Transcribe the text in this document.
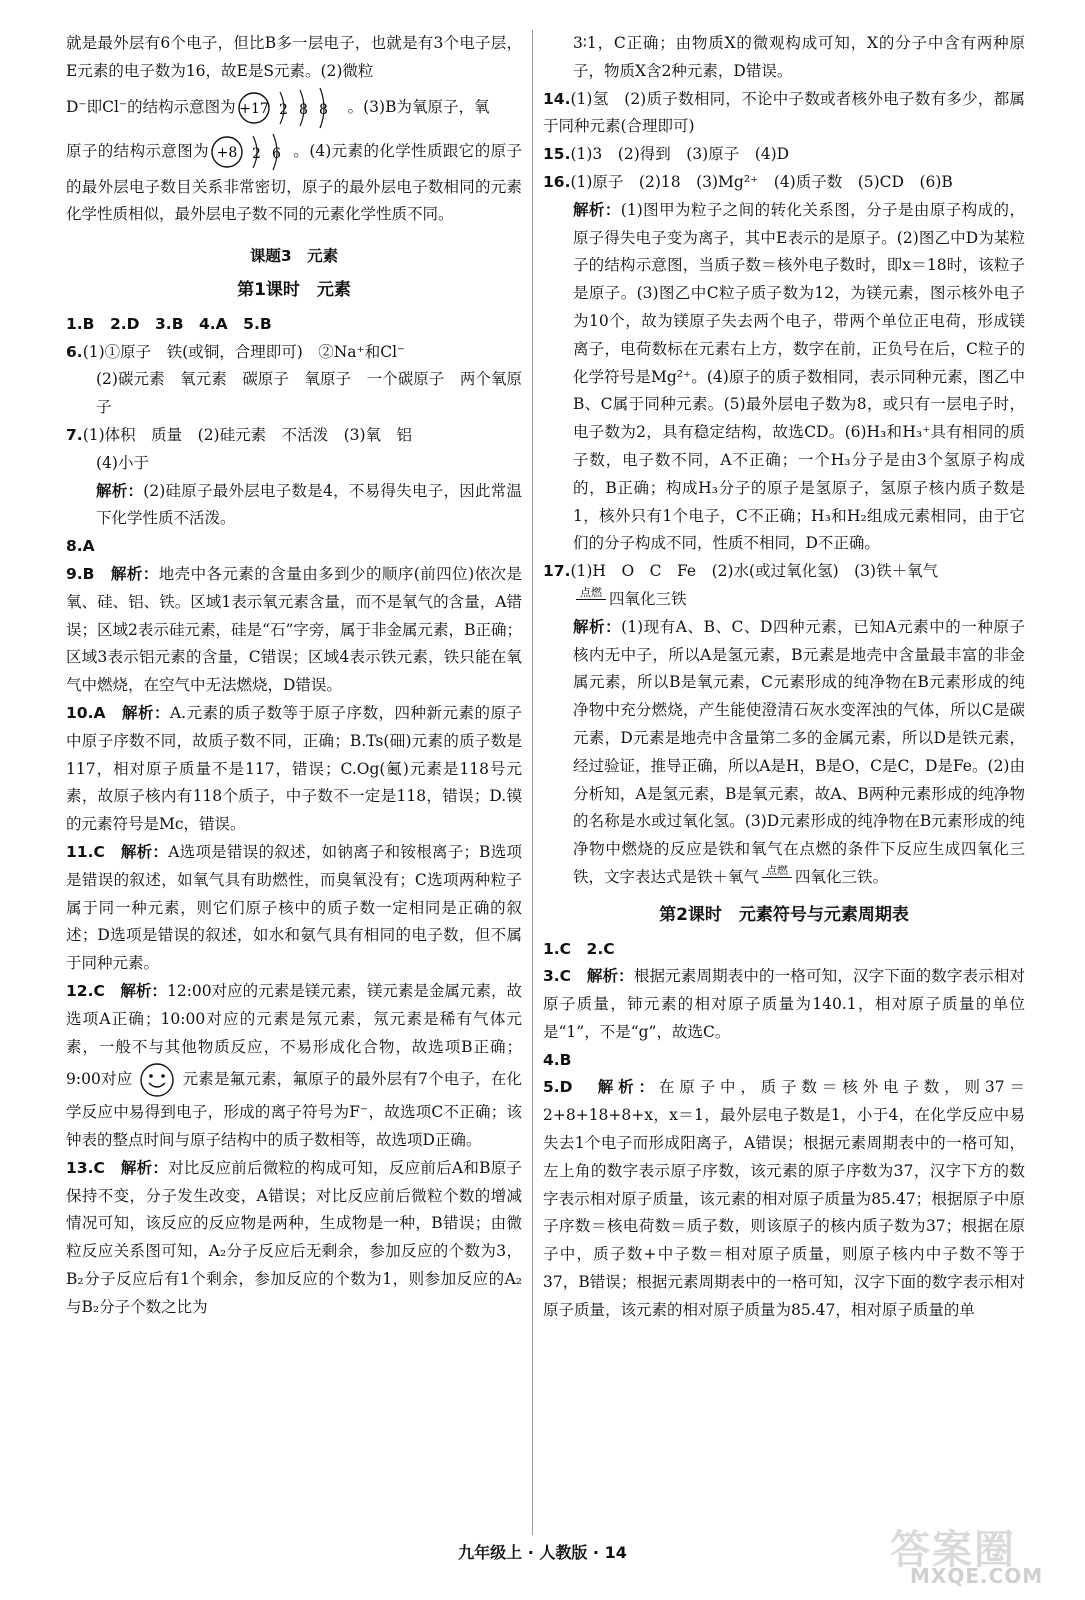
就是最外层有6个电子，但比B多一层电子，也就是有3个电子层，E元素的电子数为16，故E是S元素。(2)微粒

D⁻即Cl⁻的结构示意图为 +17 2 8 8 。(3)B为氧原子，氧

原子的结构示意图为 +8 2 6 。(4)元素的化学性质跟它的原子的最外层电子数目关系非常密切，原子的最外层电子数相同的元素化学性质相似，最外层电子数不同的元素化学性质不同。

课题3　元素
第1课时　元素

1.B　2.D　3.B　4.A　5.B

6.(1)①原子　铁(或铜，合理即可)　②Na⁺和Cl⁻

(2)碳元素　氧元素　碳原子　氧原子　一个碳原子　两个氧原子

7.(1)体积　质量　(2)硅元素　不活泼　(3)氧　铝

(4)小于

解析：(2)硅原子最外层电子数是4，不易得失电子，因此常温下化学性质不活泼。

8.A

9.B　 解析：地壳中各元素的含量由多到少的顺序(前四位)依次是氧、硅、铝、铁。区域1表示氧元素含量，而不是氧气的含量，A错误；区域2表示硅元素，硅是“石”字旁，属于非金属元素，B正确；区域3表示铝元素的含量，C错误；区域4表示铁元素，铁只能在氧气中燃烧，在空气中无法燃烧，D错误。

10.A　 解析：A.元素的质子数等于原子序数，四种新元素的原子中原子序数不同，故质子数不同，正确；B.Ts(鿬)元素的质子数是117，相对原子质量不是117，错误；C.Og(鿫)元素是118号元素，故原子核内有118个质子，中子数不一定是118，错误；D.镆的元素符号是Mc，错误。

11.C　 解析：A选项是错误的叙述，如钠离子和铵根离子；B选项是错误的叙述，如氧气具有助燃性，而臭氧没有；C选项两种粒子属于同一种元素，则它们原子核中的质子数一定相同是正确的叙述；D选项是错误的叙述，如水和氨气具有相同的电子数，但不属于同种元素。

12.C　 解析：12:00对应的元素是镁元素，镁元素是金属元素，故选项A正确；10:00对应的元素是氖元素，氖元素是稀有气体元素，一般不与其他物质反应，不易形成化合物，故选项B正确；9:00对应	元素是氟元素，氟原子的最外层有7个电子，在化学反应中易得到电子，形成的离子符号为F⁻，故选项C不正确；该钟表的整点时间与原子结构中的质子数相等，故选项D正确。

13.C　 解析：对比反应前后微粒的构成可知，反应前后A和B原子保持不变，分子发生改变，A错误；对比反应前后微粒个数的增减情况可知，该反应的反应物是两种，生成物是一种，B错误；由微粒反应关系图可知，A₂分子反应后无剩余，参加反应的个数为3，B₂分子反应后有1个剩余，参加反应的个数为1，则参加反应的A₂与B₂分子个数之比为

3∶1，C正确；由物质X的微观构成可知，X的分子中含有两种原子，物质X含2种元素，D错误。

14.(1)氢　(2)质子数相同，不论中子数或者核外电子数有多少，都属于同种元素(合理即可)

15.(1)3　(2)得到　(3)原子　(4)D

16.(1)原子　(2)18　(3)Mg²⁺　(4)质子数　(5)CD　(6)B

解析：(1)图甲为粒子之间的转化关系图，分子是由原子构成的，原子得失电子变为离子，其中E表示的是原子。(2)图乙中D为某粒子的结构示意图，当质子数＝核外电子数时，即x＝18时，该粒子是原子。(3)图乙中C粒子质子数为12，为镁元素，图示核外电子为10个，故为镁原子失去两个电子，带两个单位正电荷，形成镁离子，电荷数标在元素右上方，数字在前，正负号在后，C粒子的化学符号是Mg²⁺。(4)原子的质子数相同，表示同种元素，图乙中B、C属于同种元素。(5)最外层电子数为8，或只有一层电子时，电子数为2，具有稳定结构，故选CD。(6)H₃和H₃⁺具有相同的质子数，电子数不同，A不正确；一个H₃分子是由3个氢原子构成的，B正确；构成H₃分子的原子是氢原子，氢原子核内质子数是1，核外只有1个电子，C不正确；H₃和H₂组成元素相同，由于它们的分子构成不同，性质不相同，D不正确。

17.(1)H　O　C　Fe　(2)水(或过氧化氢)　(3)铁＋氧气

点燃 四氧化三铁

解析：(1)现有A、B、C、D四种元素，已知A元素中的一种原子核内无中子，所以A是氢元素，B元素是地壳中含量最丰富的非金属元素，所以B是氧元素，C元素形成的纯净物在B元素形成的纯净物中充分燃烧，产生能使澄清石灰水变浑浊的气体，所以C是碳元素，D元素是地壳中含量第二多的金属元素，所以D是铁元素，经过验证，推导正确，所以A是H，B是O，C是C，D是Fe。(2)由分析知，A是氢元素，B是氧元素，故A、B两种元素形成的纯净物的名称是水或过氧化氢。(3)D元素形成的纯净物在B元素形成的纯净物中燃烧的反应是铁和氧气在点燃的条件下反应生成四氧化三铁，文字表达式是铁＋氧气 点燃 四氧化三铁。

第2课时　元素符号与元素周期表

1.C　2.C

3.C　 解析：根据元素周期表中的一格可知，汉字下面的数字表示相对原子质量，铈元素的相对原子质量为140.1，相对原子质量的单位是“1”，不是“g”，故选C。

4.B

5.D　 解析：在原子中，质子数＝核外电子数，则37＝2+8+18+8+x，x＝1，最外层电子数是1，小于4，在化学反应中易失去1个电子而形成阳离子，A错误；根据元素周期表中的一格可知，左上角的数字表示原子序数，该元素的原子序数为37，汉字下方的数字表示相对原子质量，该元素的相对原子质量为85.47；根据原子中原子序数＝核电荷数＝质子数，则该原子的核内质子数为37；根据在原子中，质子数+中子数＝相对原子质量，则原子核内中子数不等于37，B错误；根据元素周期表中的一格可知，汉字下面的数字表示相对原子质量，该元素的相对原子质量为85.47，相对原子质量的单

九年级上 · 人教版 · 14	答案圈
MXQE.COM
